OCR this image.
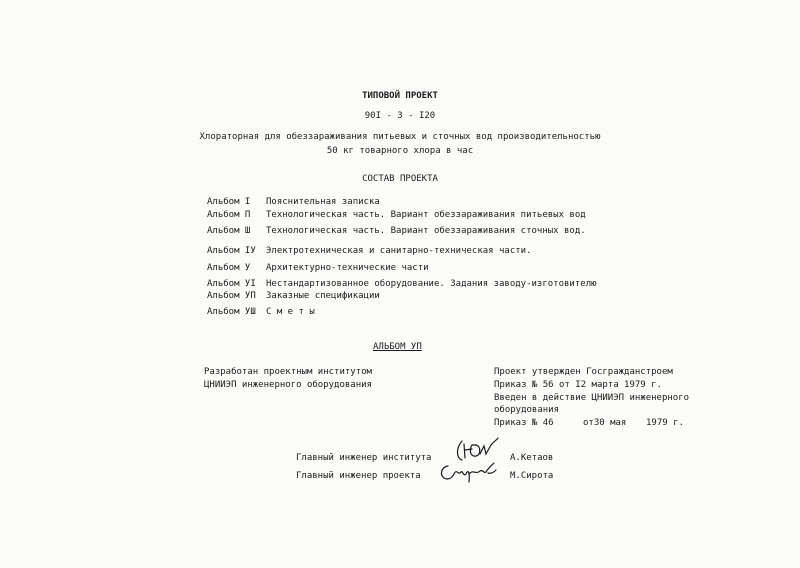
ТИПОВОЙ ПРОЕКТ
90I - 3 - I20
Хлораторная для обеззараживания питьевых и сточных вод производительностью
50 кг товарного хлора в час
СОСТАВ ПРОЕКТА
Альбом I Пояснительная записка
Альбом П Технологическая часть. Вариант обеззараживания питьевых вод
Альбом Ш Технологическая часть. Вариант обеззараживания сточных вод.
Альбом IУ Электротехническая и санитарно-техническая части.
Альбом У Архитектурно-технические части
Альбом УI Нестандартизованное оборудование. Задания заводу-изготовителю
Альбом УП Заказные спецификации
Альбом УШ С м е т ы
АЛЬБОМ УП
Разработан проектным институтом
ЦНИИЭП инженерного оборудования
Проект утвержден Госгражданстроем
Приказ № 56 от I2 марта 1979 г.
Введен в действие ЦНИИЭП инженерного
оборудования
Приказ № 46	от30 мая 1979 г.
Главный инженер института	А.Кетаов
Главный инженер проекта	М.Сирота
